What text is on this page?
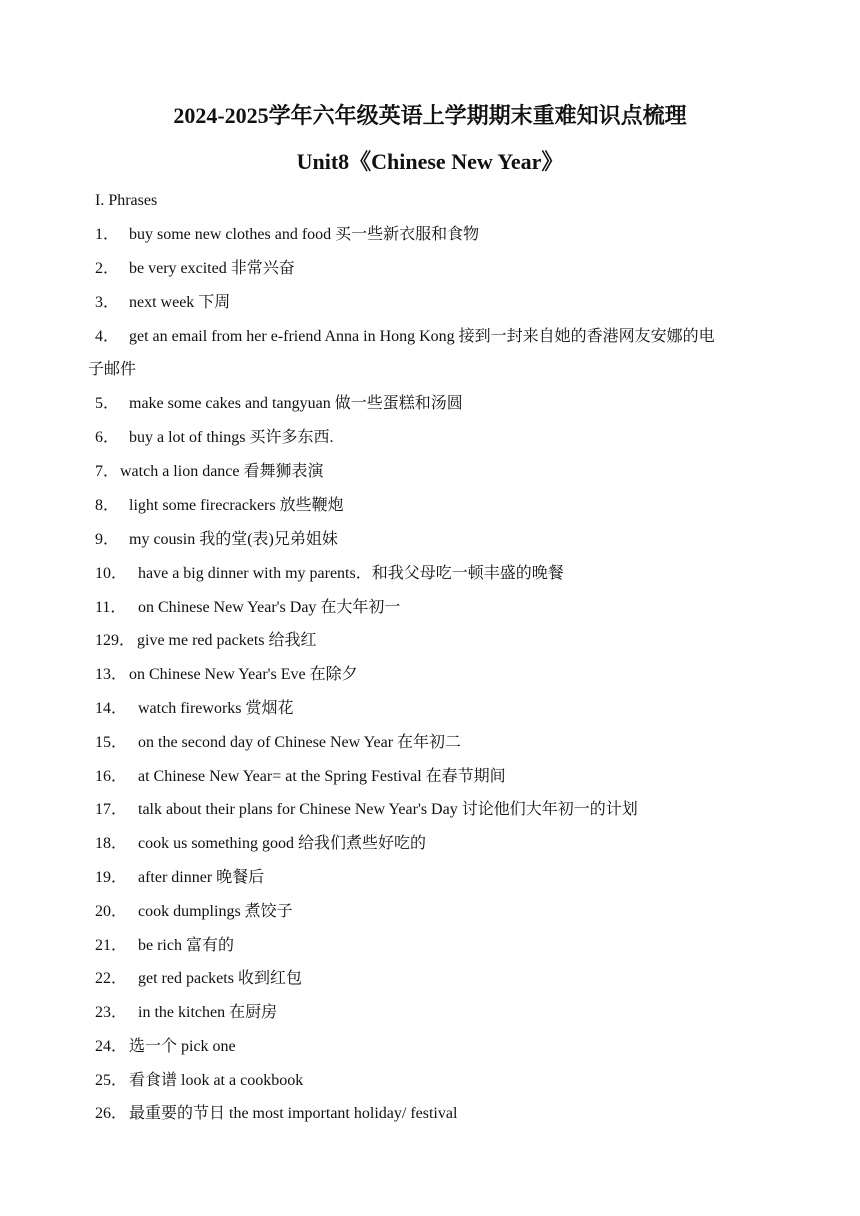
2024-2025学年六年级英语上学期期末重难知识点梳理
Unit8《Chinese New Year》
I. Phrases
1． buy some new clothes and food 买一些新衣服和食物
2． be very excited 非常兴奋
3． next week 下周
4． get an email from her e-friend Anna in Hong Kong 接到一封来自她的香港网友安娜的电
子邮件
5． make some cakes and tangyuan 做一些蛋糕和汤圆
6． buy a lot of things 买许多东西.
7．watch a lion dance 看舞狮表演
8． light some firecrackers 放些鞭炮
9． my cousin 我的堂(表)兄弟姐妹
10． have a big dinner with my parents．和我父母吃一顿丰盛的晚餐
11． on Chinese New Year's Day 在大年初一
129． give me red packets 给我红
13． on Chinese New Year's Eve 在除夕
14． watch fireworks 赏烟花
15． on the second day of Chinese New Year 在年初二
16． at Chinese New Year= at the Spring Festival 在春节期间
17． talk about their plans for Chinese New Year's Day 讨论他们大年初一的计划
18． cook us something good 给我们煮些好吃的
19． after dinner 晚餐后
20． cook dumplings 煮饺子
21． be rich 富有的
22． get red packets 收到红包
23． in the kitchen 在厨房
24． 选一个 pick one
25． 看食谱 look at a cookbook
26． 最重要的节日 the most important holiday/ festival
